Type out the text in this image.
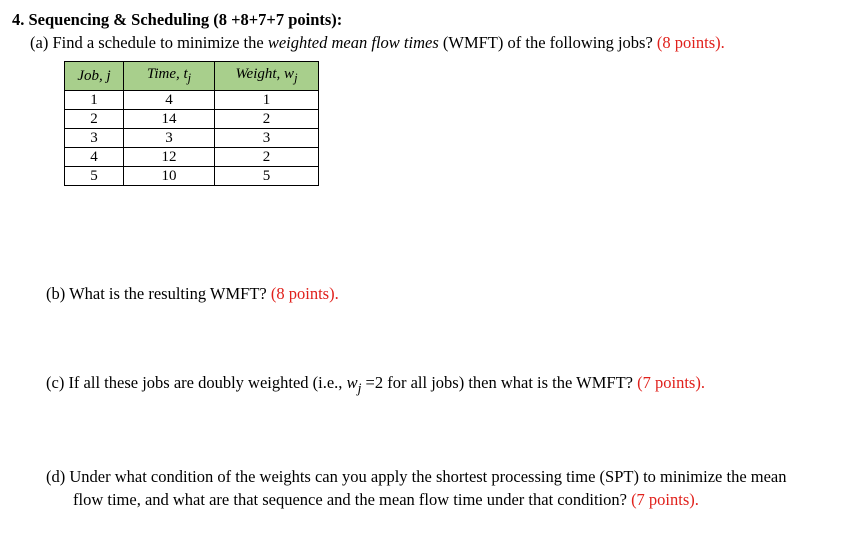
4. Sequencing & Scheduling (8 +8+7+7 points):
(a) Find a schedule to minimize the weighted mean flow times (WMFT) of the following jobs? (8 points).
Job, j	Time, $t_j$	Weight, $w_j$
1	4	1
2	14	2
3	3	3
4	12	2
5	10	5
(b) What is the resulting WMFT? (8 points).
(c) If all these jobs are doubly weighted (i.e., $w_j =2$ for all jobs) then what is the WMFT? (7 points).
(d) Under what condition of the weights can you apply the shortest processing time (SPT) to minimize the mean
flow time, and what are that sequence and the mean flow time under that condition? (7 points).
